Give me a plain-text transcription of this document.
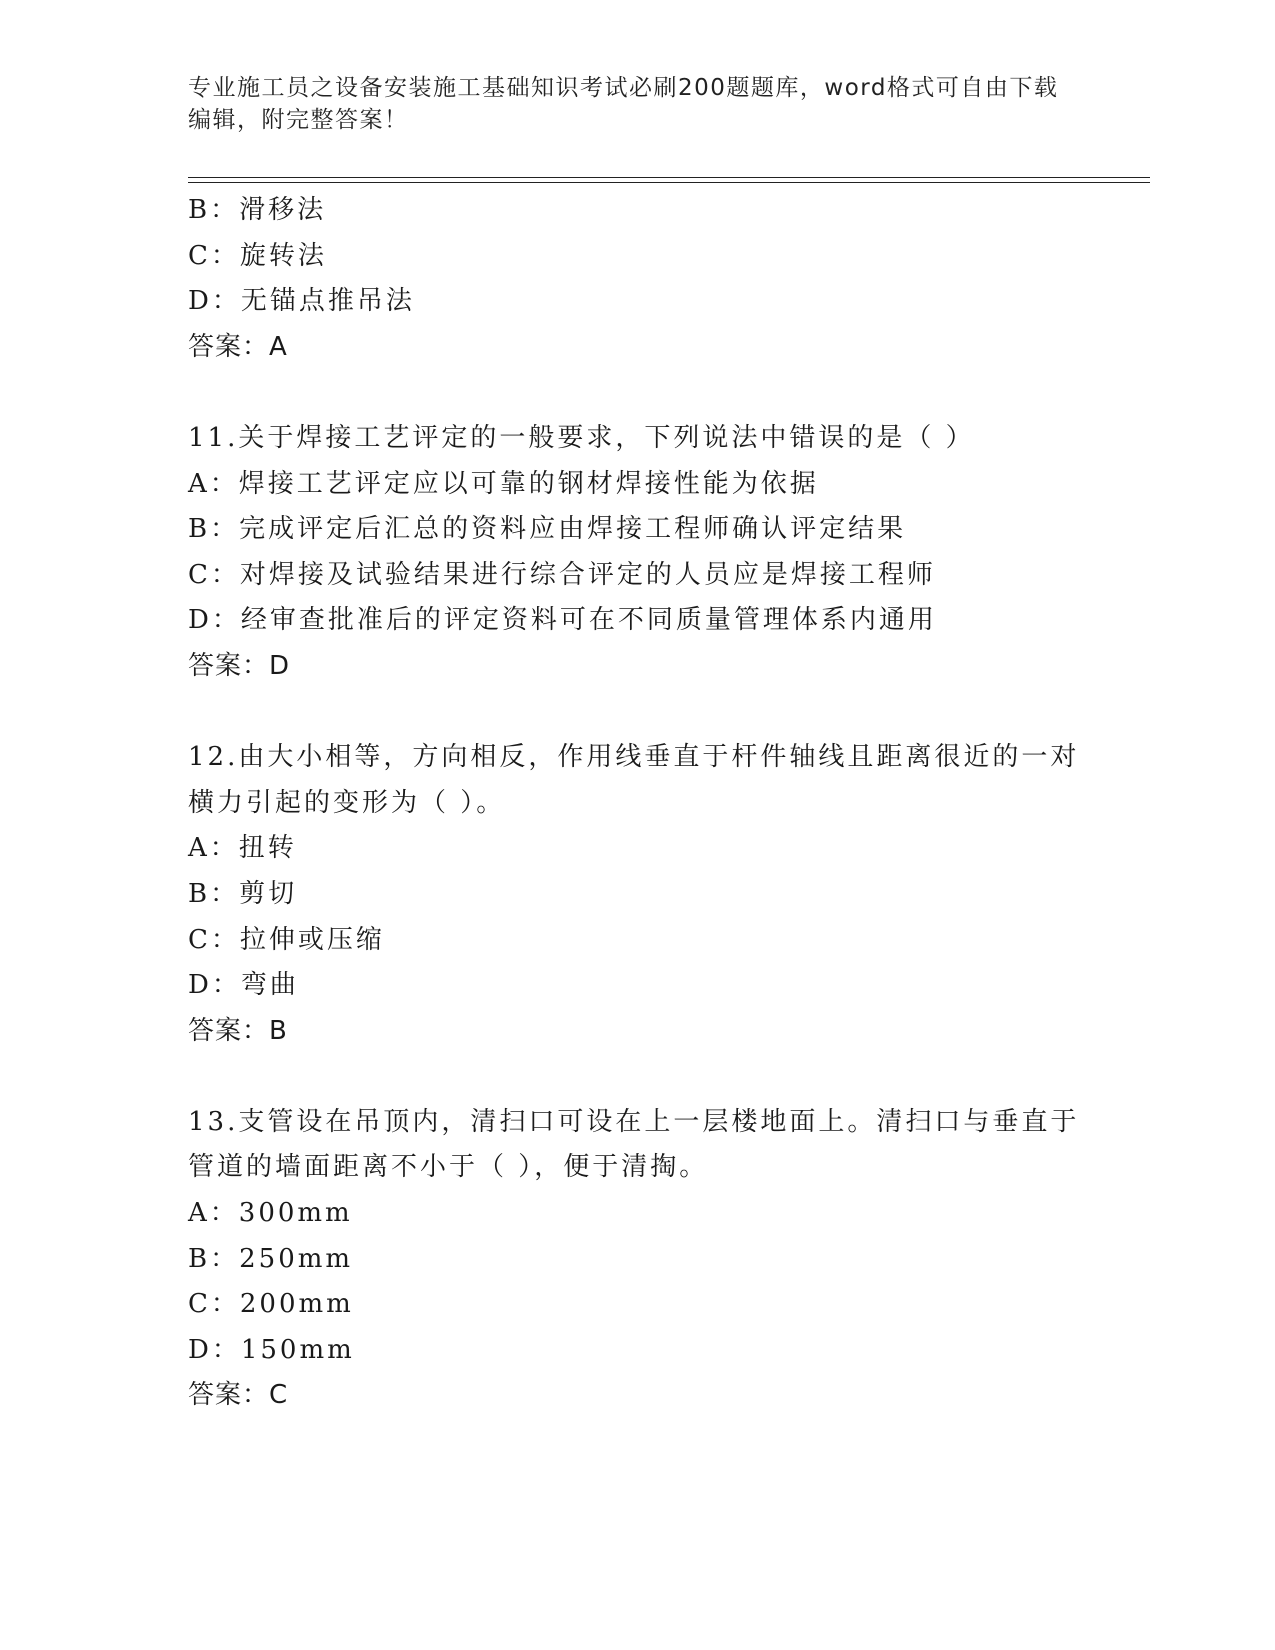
专业施工员之设备安装施工基础知识考试必刷200题题库，word格式可自由下载
编辑，附完整答案！
B：滑移法
C：旋转法
D：无锚点推吊法
答案：A
11.关于焊接工艺评定的一般要求，下列说法中错误的是（ ）
A：焊接工艺评定应以可靠的钢材焊接性能为依据
B：完成评定后汇总的资料应由焊接工程师确认评定结果
C：对焊接及试验结果进行综合评定的人员应是焊接工程师
D：经审查批准后的评定资料可在不同质量管理体系内通用
答案：D
12.由大小相等，方向相反，作用线垂直于杆件轴线且距离很近的一对
横力引起的变形为（ ）。
A：扭转
B：剪切
C：拉伸或压缩
D：弯曲
答案：B
13.支管设在吊顶内，清扫口可设在上一层楼地面上。清扫口与垂直于
管道的墙面距离不小于（ ），便于清掏。
A：300mm
B：250mm
C：200mm
D：150mm
答案：C
